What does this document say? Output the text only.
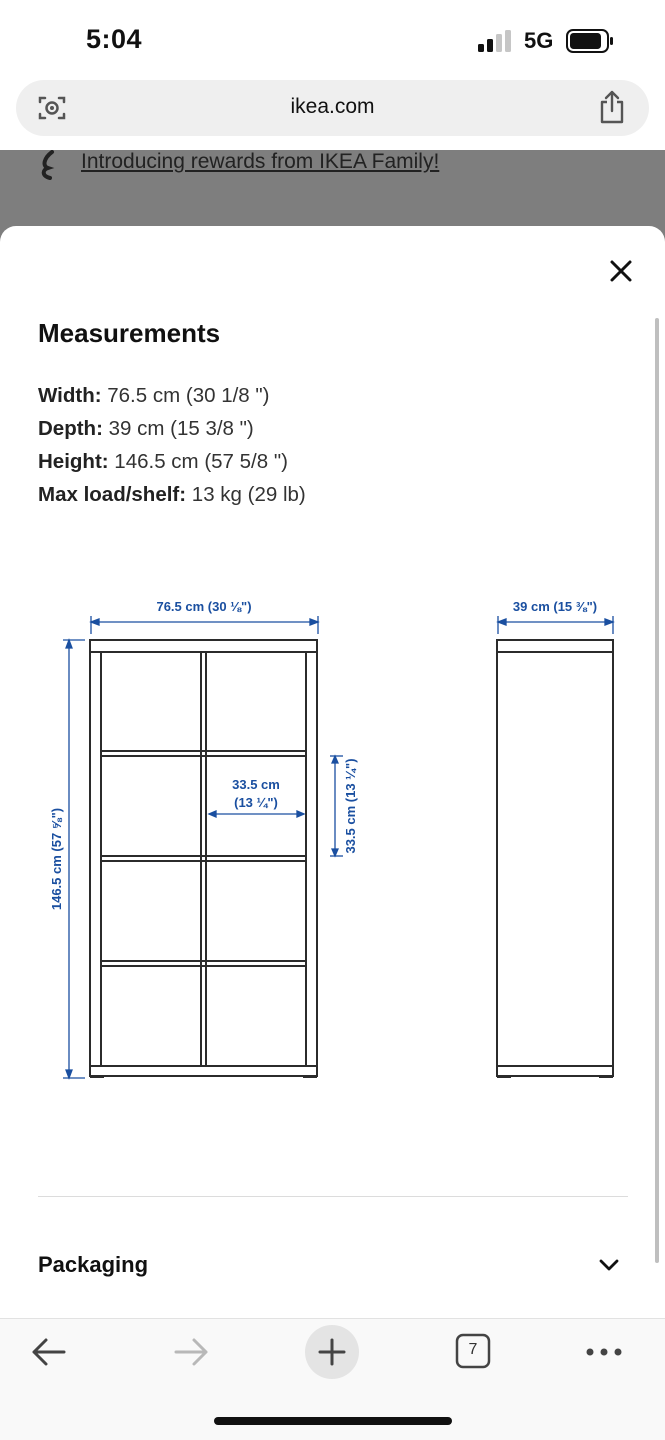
5:04	5G
ikea.com
Introducing rewards from IKEA Family!
Measurements
Width: 76.5 cm (30 1/8 ")
Depth: 39 cm (15 3/8 ")
Height: 146.5 cm (57 5/8 ")
Max load/shelf: 13 kg (29 lb)
76.5 cm (30 ⅛")	39 cm (15 ⅜")
146.5 cm (57 ⅝")
33.5 cm
(13 ¼")	33.5 cm (13 ¼")
Packaging
7
